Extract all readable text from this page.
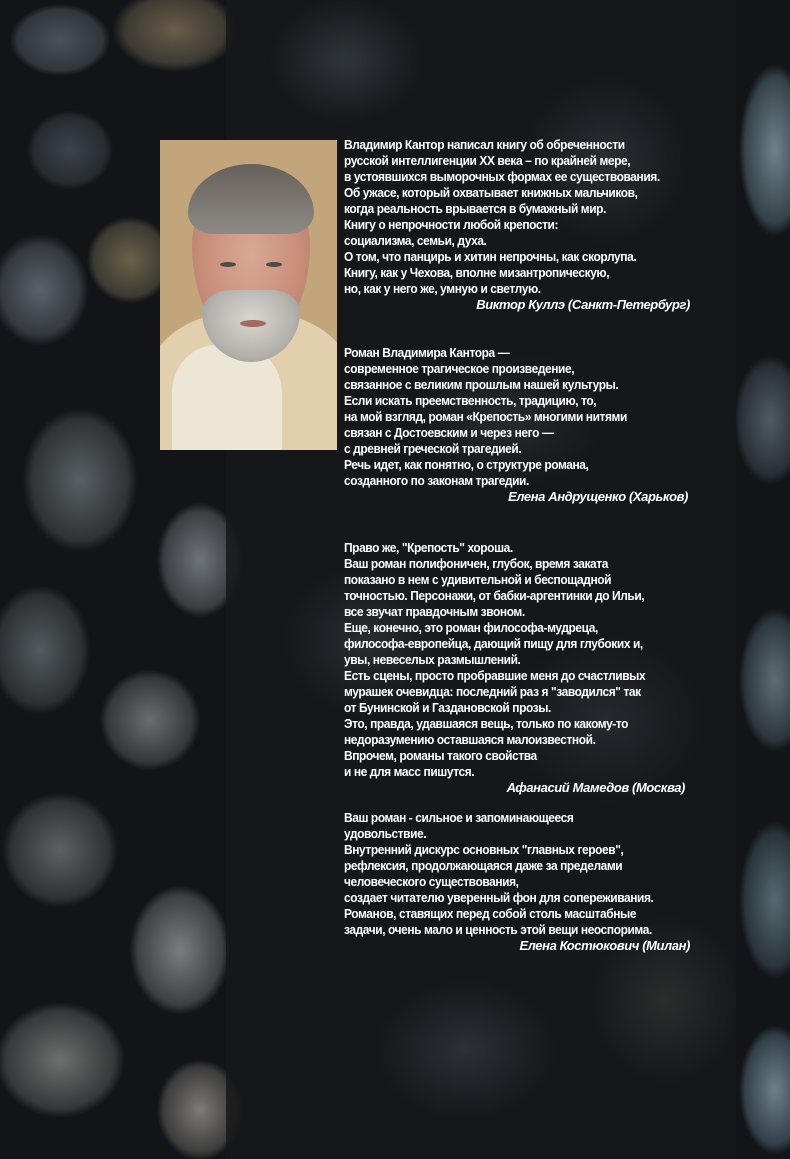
Владимир Кантор написал книгу об обреченности
русской интеллигенции XX века – по крайней мере,
в устоявшихся выморочных формах ее существования.
Об ужасе, который охватывает книжных мальчиков,
когда реальность врывается в бумажный мир.
Книгу о непрочности любой крепости:
социализма, семьи, духа.
О том, что панцирь и хитин непрочны, как скорлупа.
Книгу, как у Чехова, вполне мизантропическую,
но, как у него же, умную и светлую.
Виктор Куллэ (Санкт-Петербург)
Роман Владимира Кантора —
современное трагическое произведение,
связанное с великим прошлым нашей культуры.
Если искать преемственность, традицию, то,
на мой взгляд, роман «Крепость» многими нитями
связан с Достоевским и через него —
с древней греческой трагедией.
Речь идет, как понятно, о структуре романа,
созданного по законам трагедии.
Елена Андрущенко (Харьков)
Право же, "Крепость" хороша.
Ваш роман полифоничен, глубок, время заката
показано в нем с удивительной и беспощадной
точностью. Персонажи, от бабки-аргентинки до Ильи,
все звучат правдочным звоном.
Еще, конечно, это роман философа-мудреца,
философа-европейца, дающий пищу для глубоких и,
увы, невеселых размышлений.
Есть сцены, просто пробравшие меня до счастливых
мурашек очевидца: последний раз я "заводился" так
от Бунинской и Газдановской прозы.
Это, правда, удавшаяся вещь, только по какому-то
недоразумению оставшаяся малоизвестной.
Впрочем, романы такого свойства
и не для масс пишутся.
Афанасий Мамедов (Москва)
Ваш роман - сильное и запоминающееся
удовольствие.
Внутренний дискурс основных "главных героев",
рефлексия, продолжающаяся даже за пределами
человеческого существования,
создает читателю уверенный фон для сопереживания.
Романов, ставящих перед собой столь масштабные
задачи, очень мало и ценность этой вещи неоспорима.
Елена Костюкович (Милан)
